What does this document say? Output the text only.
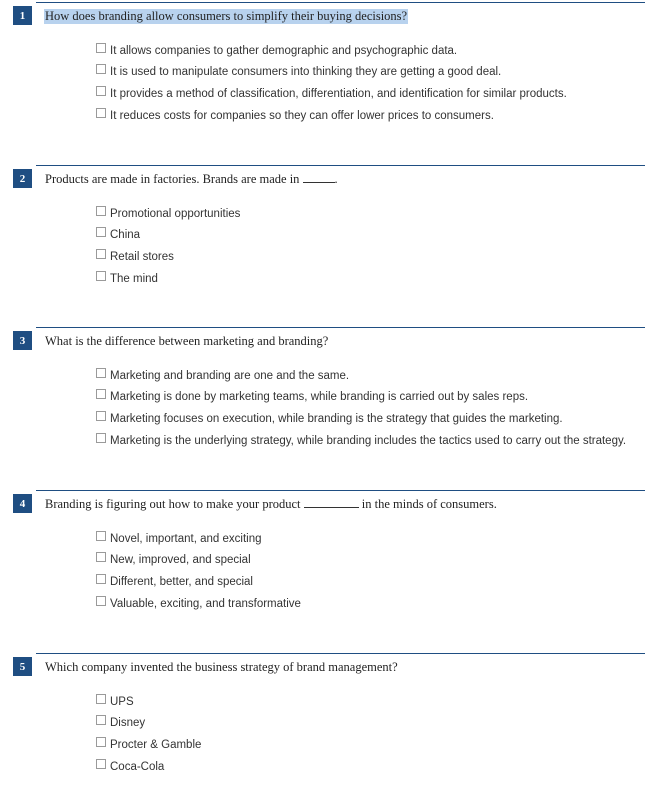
1	How does branding allow consumers to simplify their buying decisions?
It allows companies to gather demographic and psychographic data.
It is used to manipulate consumers into thinking they are getting a good deal.
It provides a method of classification, differentiation, and identification for similar products.
It reduces costs for companies so they can offer lower prices to consumers.
2	Products are made in factories. Brands are made in	.
Promotional opportunities
China
Retail stores
The mind
3	What is the difference between marketing and branding?
Marketing and branding are one and the same.
Marketing is done by marketing teams, while branding is carried out by sales reps.
Marketing focuses on execution, while branding is the strategy that guides the marketing.
Marketing is the underlying strategy, while branding includes the tactics used to carry out the strategy.
4	Branding is figuring out how to make your product	in the minds of consumers.
Novel, important, and exciting
New, improved, and special
Different, better, and special
Valuable, exciting, and transformative
5	Which company invented the business strategy of brand management?
UPS
Disney
Procter & Gamble
Coca-Cola
